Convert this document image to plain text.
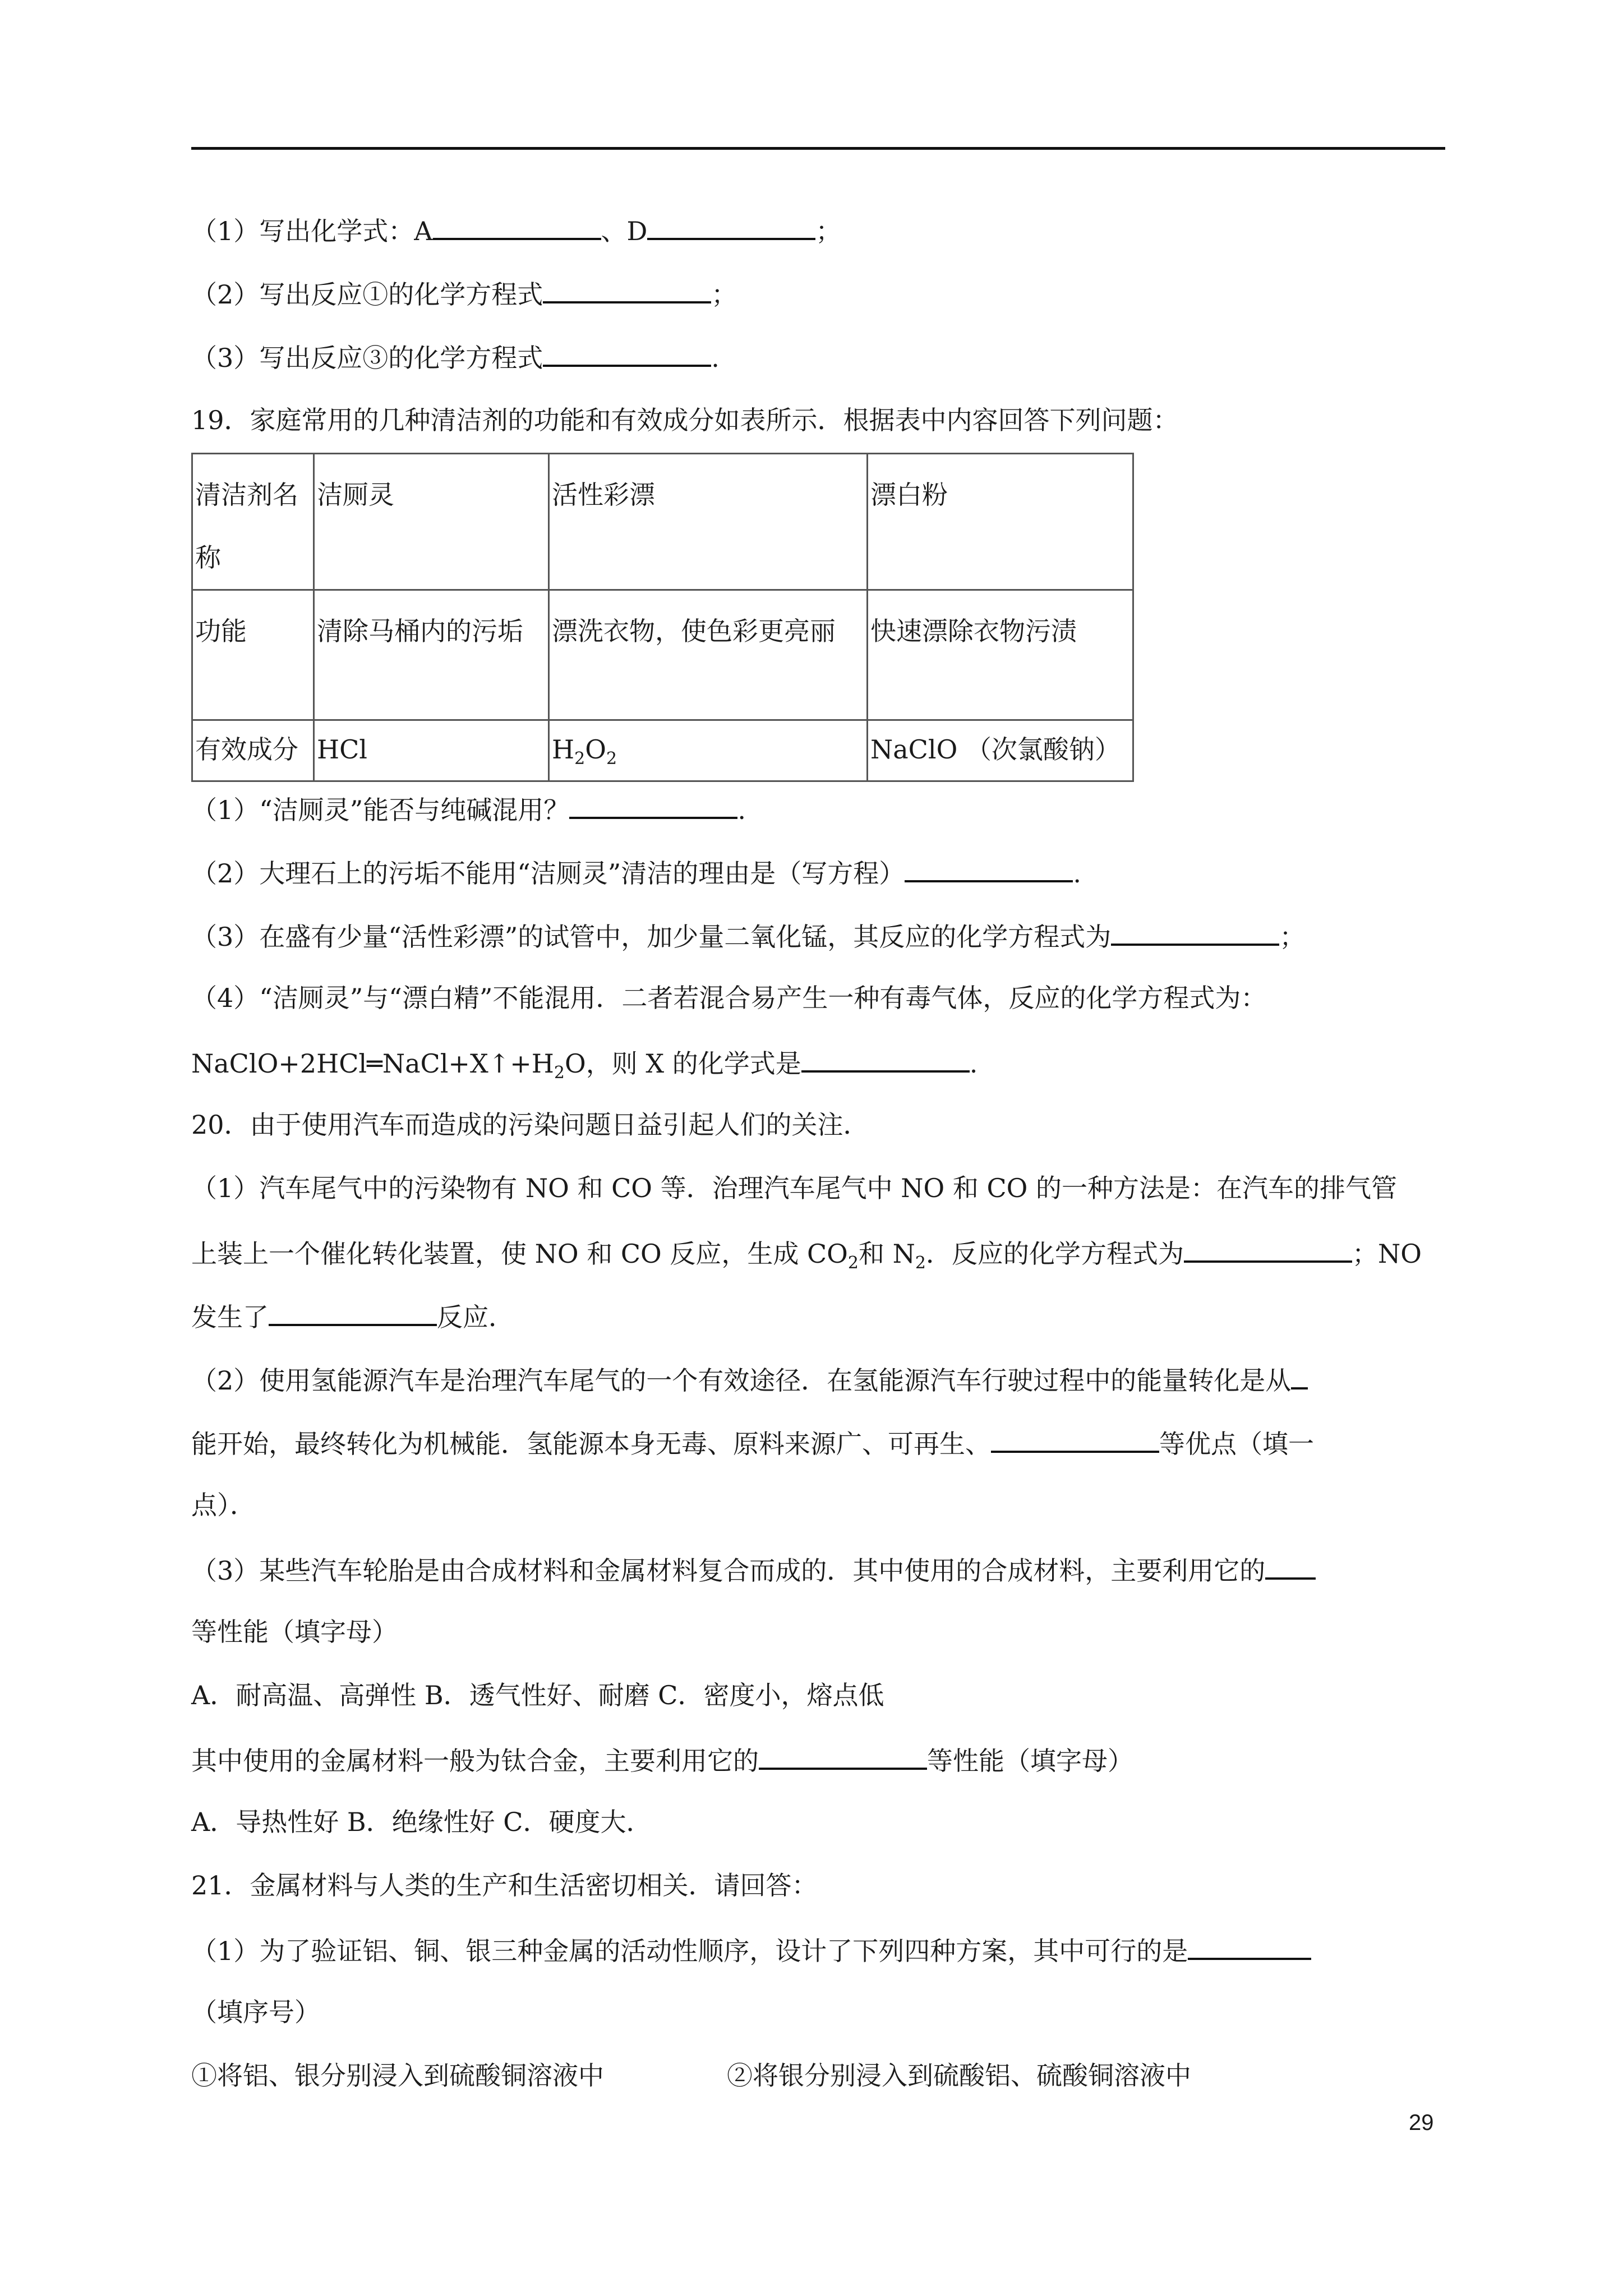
（1）写出化学式：A	、D	；
（2）写出反应①的化学方程式	；
（3）写出反应③的化学方程式	.
19．家庭常用的几种清洁剂的功能和有效成分如表所示．根据表中内容回答下列问题：
清洁剂名称	洁厕灵	活性彩漂	漂白粉
功能	清除马桶内的污垢	漂洗衣物，使色彩更亮丽	快速漂除衣物污渍
有效成分	HCl	$H_2O_2$	NaClO （次氯酸钠）
（1）“洁厕灵”能否与纯碱混用？	.
（2）大理石上的污垢不能用“洁厕灵”清洁的理由是（写方程）	.
（3）在盛有少量“活性彩漂”的试管中，加少量二氧化锰，其反应的化学方程式为	；
（4）“洁厕灵”与“漂白精”不能混用．二者若混合易产生一种有毒气体，反应的化学方程式为：
$NaClO+2HCl═NaCl+X↑+H_2O$，则 X 的化学式是	.
20．由于使用汽车而造成的污染问题日益引起人们的关注．
（1）汽车尾气中的污染物有 NO 和 CO 等．治理汽车尾气中 NO 和 CO 的一种方法是：在汽车的排气管
上装上一个催化转化装置，使 NO 和 CO 反应，生成 $CO_2$和 $N_2$．反应的化学方程式为	；NO
发生了	反应．
（2）使用氢能源汽车是治理汽车尾气的一个有效途径．在氢能源汽车行驶过程中的能量转化是从
能开始，最终转化为机械能．氢能源本身无毒、原料来源广、可再生、	等优点（填一
点）．
（3）某些汽车轮胎是由合成材料和金属材料复合而成的．其中使用的合成材料，主要利用它的
等性能（填字母）
A．耐高温、高弹性 B．透气性好、耐磨 C．密度小，熔点低
其中使用的金属材料一般为钛合金，主要利用它的	等性能（填字母）
A．导热性好 B．绝缘性好 C．硬度大．
21．金属材料与人类的生产和生活密切相关．请回答：
（1）为了验证铝、铜、银三种金属的活动性顺序，设计了下列四种方案，其中可行的是
（填序号）
①将铝、银分别浸入到硫酸铜溶液中	②将银分别浸入到硫酸铝、硫酸铜溶液中
29
